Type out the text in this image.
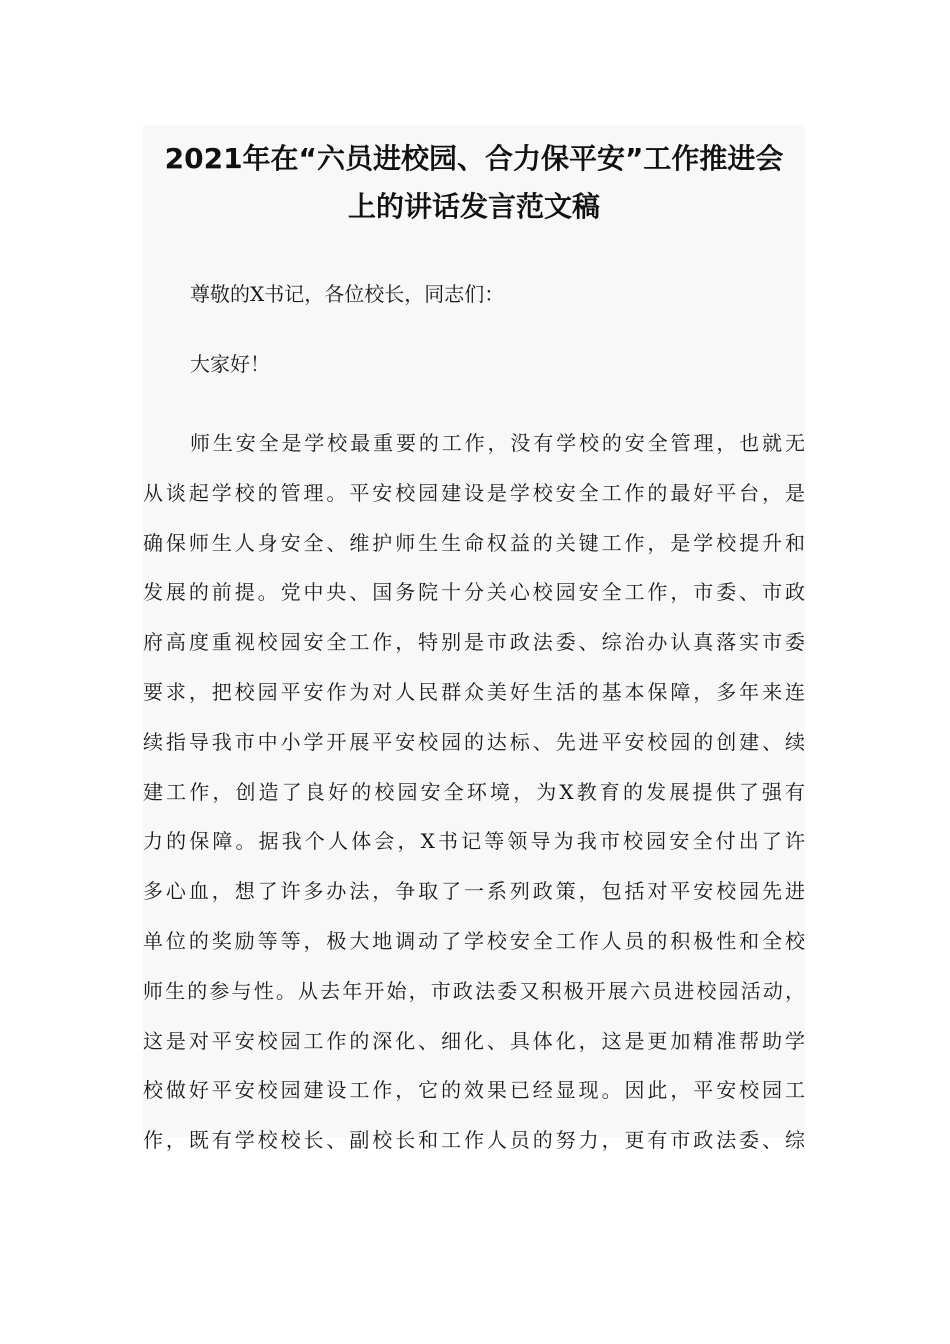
2021年在“六员进校园、合力保平安”工作推进会
上的讲话发言范文稿

尊敬的X书记，各位校长，同志们：

大家好！

师生安全是学校最重要的工作，没有学校的安全管理，也就无
从谈起学校的管理。平安校园建设是学校安全工作的最好平台，是
确保师生人身安全、维护师生生命权益的关键工作，是学校提升和
发展的前提。党中央、国务院十分关心校园安全工作，市委、市政
府高度重视校园安全工作，特别是市政法委、综治办认真落实市委
要求，把校园平安作为对人民群众美好生活的基本保障，多年来连
续指导我市中小学开展平安校园的达标、先进平安校园的创建、续
建工作，创造了良好的校园安全环境，为X教育的发展提供了强有
力的保障。据我个人体会，X书记等领导为我市校园安全付出了许
多心血，想了许多办法，争取了一系列政策，包括对平安校园先进
单位的奖励等等，极大地调动了学校安全工作人员的积极性和全校
师生的参与性。从去年开始，市政法委又积极开展六员进校园活动，
这是对平安校园工作的深化、细化、具体化，这是更加精准帮助学
校做好平安校园建设工作，它的效果已经显现。因此，平安校园工
作，既有学校校长、副校长和工作人员的努力，更有市政法委、综
